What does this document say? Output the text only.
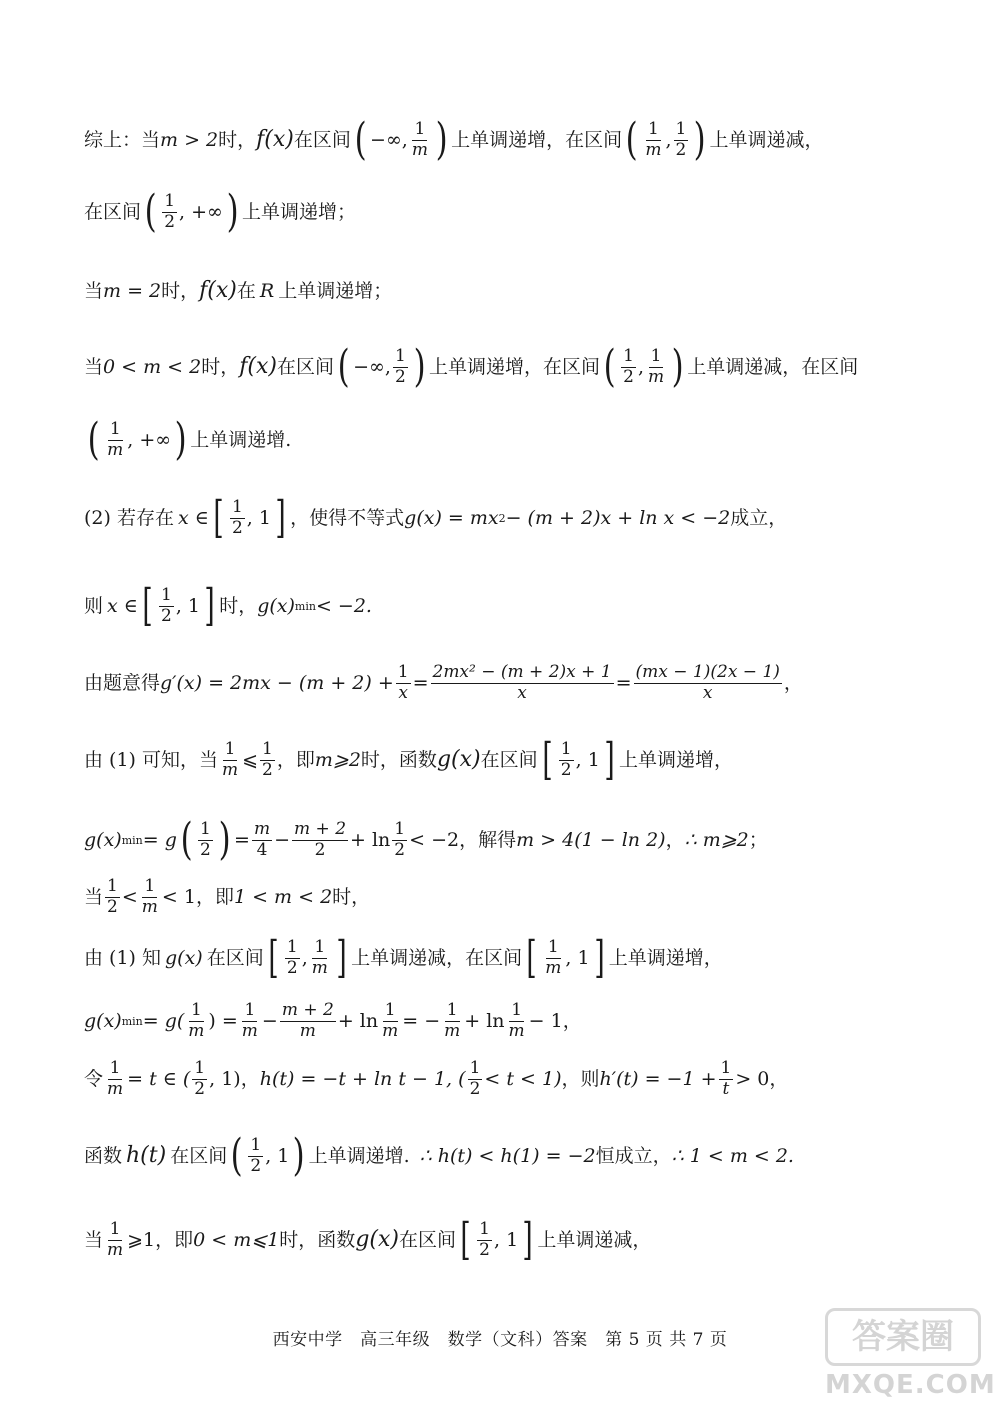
综上：当 m > 2 时， f(x) 在区间 ( −∞, $\frac{1}{m}$ ) 上单调递增，在区间 ( $\frac{1}{m}$ , $\frac{1}{2}$ ) 上单调递减，
在区间 ( $\frac{1}{2}$ , +∞ ) 上单调递增；
当 m = 2 时， f(x) 在 R 上单调递增；
当 0 < m < 2 时， f(x) 在区间 ( −∞, $\frac{1}{2}$ ) 上单调递增，在区间 ( $\frac{1}{2}$ , $\frac{1}{m}$ ) 上单调递减，在区间
( $\frac{1}{m}$ , +∞ ) 上单调递增.
(2) 若存在 x ∈ [ $\frac{1}{2}$ , 1 ] ，使得不等式 g(x) = mx 2 − (m + 2)x + ln x < −2 成立，
则 x ∈ [ $\frac{1}{2}$ , 1 ] 时， g(x) min < −2.
由题意得 $g'(x) = 2mx - (m + 2) + \frac{1}{x} = \frac{\text{2mx² − (m + 2)x + 1}}{x} = \frac{(mx - 1)(2x - 1)}{x}$ ，
由 (1) 可知，当 $\frac{1}{m}$ ⩽ $\frac{1}{2}$ ，即 m⩾2 时，函数 g(x) 在区间 [ $\frac{1}{2}$ , 1 ] 上单调递增，
g(x) min = g ( $\frac{1}{2}$ ) = $\frac{m}{4} - \frac{m + 2}{2} + \ln \frac{1}{2} < -2$ ，解得 m > 4(1 − ln 2) ， ∴ m⩾2 ；
当 $\frac{1}{2} < \frac{1}{m} < 1$ ，即 1 < m < 2 时，
由 (1) 知 g(x) 在区间 [ $\frac{1}{2}$ , $\frac{1}{m}$ ] 上单调递减，在区间 [ $\frac{1}{m}$ , 1 ] 上单调递增，
g(x) $\min = g( \frac{1}{m}$ ) = $\frac{1}{m} - \frac{m + 2}{m} + \ln \frac{1}{m}$ = − $\frac{1}{m} + \ln \frac{1}{m} - 1$ ，
令 $\frac{1}{m} = t$ ∈ ( $\frac{1}{2}$ , 1) ， h(t) = −t + ln t − 1, ( $\frac{1}{2} < t < 1$) ，则 $h'(t) = -1 + \frac{1}{t} > 0$ ，
函数 h(t) 在区间 ( $\frac{1}{2}$ , 1 ) 上单调递增. ∴ h(t) < h(1) = −2 恒成立， ∴ 1 < m < 2.
当 $\frac{1}{m}$ ⩾1 ，即 0 < m⩽1 时，函数 g(x) 在区间 [ $\frac{1}{2}$ , 1 ] 上单调递减，
西安中学　高三年级　数学（文科）答案　第 5 页 共 7 页	答案圈
MXQE.COM
